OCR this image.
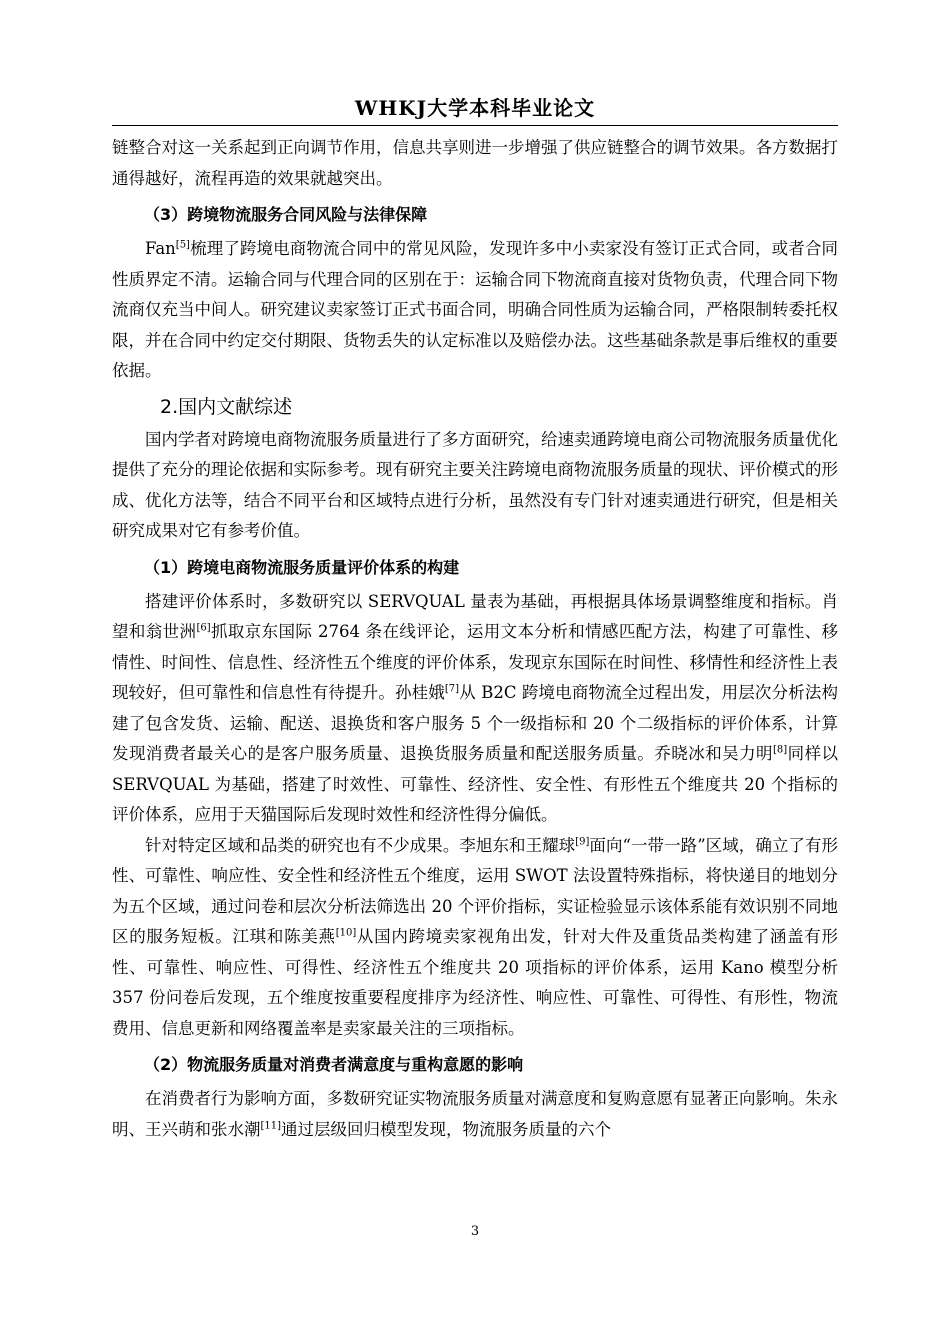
WHKJ大学本科毕业论文

链整合对这一关系起到正向调节作用，信息共享则进一步增强了供应链整合的调节效果。各方数据打通得越好，流程再造的效果就越突出。

（3）跨境物流服务合同风险与法律保障

Fan[5]梳理了跨境电商物流合同中的常见风险，发现许多中小卖家没有签订正式合同，或者合同性质界定不清。运输合同与代理合同的区别在于：运输合同下物流商直接对货物负责，代理合同下物流商仅充当中间人。研究建议卖家签订正式书面合同，明确合同性质为运输合同，严格限制转委托权限，并在合同中约定交付期限、货物丢失的认定标准以及赔偿办法。这些基础条款是事后维权的重要依据。

2.国内文献综述

国内学者对跨境电商物流服务质量进行了多方面研究，给速卖通跨境电商公司物流服务质量优化提供了充分的理论依据和实际参考。现有研究主要关注跨境电商物流服务质量的现状、评价模式的形成、优化方法等，结合不同平台和区域特点进行分析，虽然没有专门针对速卖通进行研究，但是相关研究成果对它有参考价值。

（1）跨境电商物流服务质量评价体系的构建

搭建评价体系时，多数研究以 SERVQUAL 量表为基础，再根据具体场景调整维度和指标。肖望和翁世洲[6]抓取京东国际 2764 条在线评论，运用文本分析和情感匹配方法，构建了可靠性、移情性、时间性、信息性、经济性五个维度的评价体系，发现京东国际在时间性、移情性和经济性上表现较好，但可靠性和信息性有待提升。孙桂娥[7]从 B2C 跨境电商物流全过程出发，用层次分析法构建了包含发货、运输、配送、退换货和客户服务 5 个一级指标和 20 个二级指标的评价体系，计算发现消费者最关心的是客户服务质量、退换货服务质量和配送服务质量。乔晓冰和吴力明[8]同样以 SERVQUAL 为基础，搭建了时效性、可靠性、经济性、安全性、有形性五个维度共 20 个指标的评价体系，应用于天猫国际后发现时效性和经济性得分偏低。

针对特定区域和品类的研究也有不少成果。李旭东和王耀球[9]面向“一带一路”区域，确立了有形性、可靠性、响应性、安全性和经济性五个维度，运用 SWOT 法设置特殊指标，将快递目的地划分为五个区域，通过问卷和层次分析法筛选出 20 个评价指标，实证检验显示该体系能有效识别不同地区的服务短板。江琪和陈美燕[10]从国内跨境卖家视角出发，针对大件及重货品类构建了涵盖有形性、可靠性、响应性、可得性、经济性五个维度共 20 项指标的评价体系，运用 Kano 模型分析 357 份问卷后发现，五个维度按重要程度排序为经济性、响应性、可靠性、可得性、有形性，物流费用、信息更新和网络覆盖率是卖家最关注的三项指标。

（2）物流服务质量对消费者满意度与重构意愿的影响

在消费者行为影响方面，多数研究证实物流服务质量对满意度和复购意愿有显著正向影响。朱永明、王兴萌和张水潮[11]通过层级回归模型发现，物流服务质量的六个

3
